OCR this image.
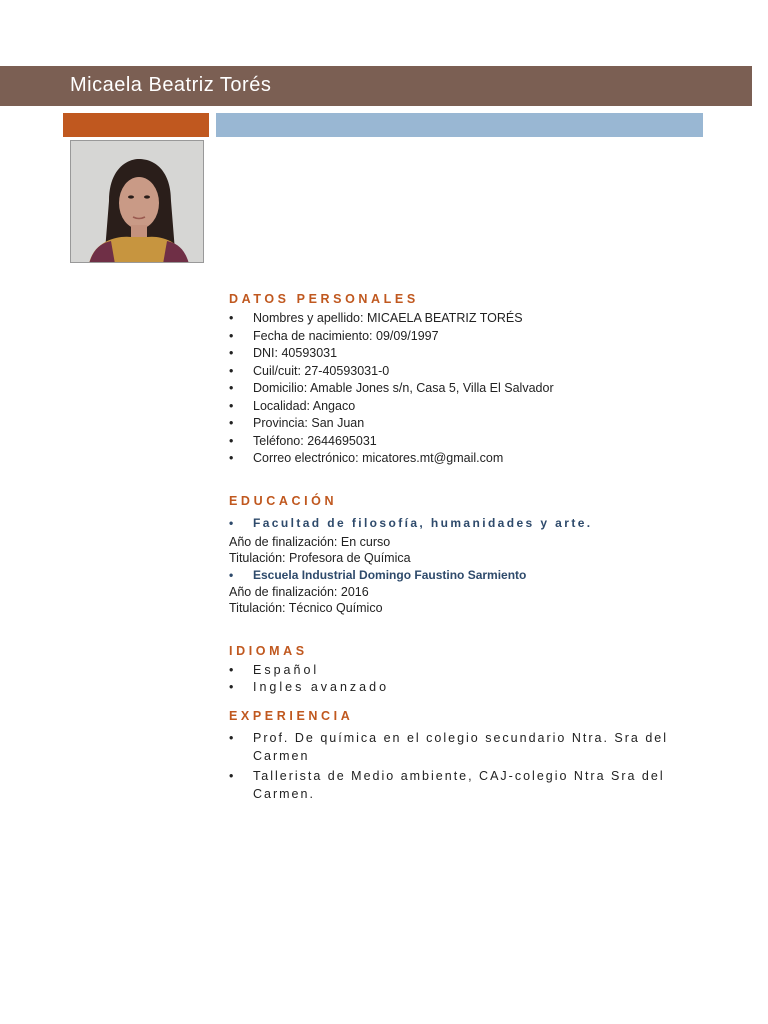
Micaela Beatriz Torés
DATOS PERSONALES
• Nombres y apellido: MICAELA BEATRIZ TORÉS
• Fecha de nacimiento: 09/09/1997
• DNI: 40593031
• Cuil/cuit: 27-40593031-0
• Domicilio: Amable Jones s/n, Casa 5, Villa El Salvador
• Localidad: Angaco
• Provincia: San Juan
• Teléfono: 2644695031
• Correo electrónico: micatores.mt@gmail.com
EDUCACIÓN
• Facultad de filosofía, humanidades y arte.
Año de finalización: En curso
Titulación: Profesora de Química
• Escuela Industrial Domingo Faustino Sarmiento
Año de finalización: 2016
Titulación: Técnico Químico
IDIOMAS
• Español
• Ingles avanzado
EXPERIENCIA
• Prof. De química en el colegio secundario Ntra. Sra del Carmen
• Tallerista de Medio ambiente, CAJ-colegio Ntra Sra del Carmen.
